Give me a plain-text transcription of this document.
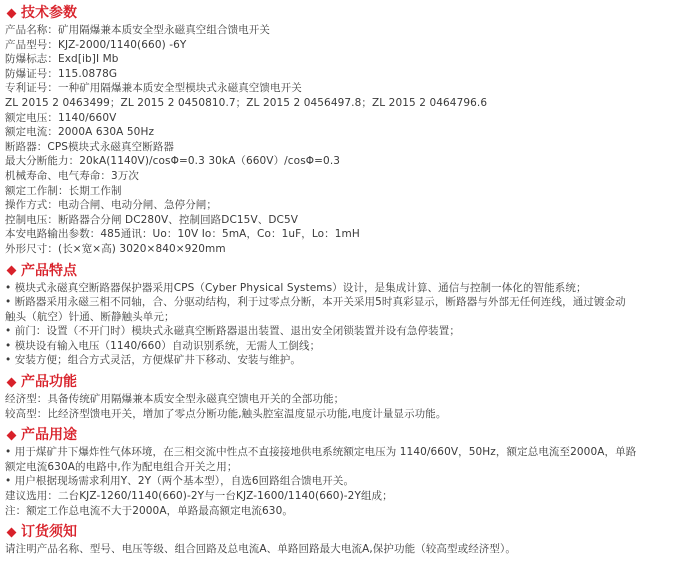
技术参数
产品名称：矿用隔爆兼本质安全型永磁真空组合馈电开关
产品型号：KJZ-2000/1140(660) -6Y
防爆标志：Exd[ib]I Mb
防爆证号：115.0878G
专利证号：一种矿用隔爆兼本质安全型模块式永磁真空馈电开关
ZL 2015 2 0463499；ZL 2015 2 0450810.7；ZL 2015 2 0456497.8；ZL 2015 2 0464796.6
额定电压：1140/660V
额定电流：2000A 630A 50Hz
断路器：CPS模块式永磁真空断路器
最大分断能力：20kA(1140V)/cosΦ=0.3 30kA（660V）/cosΦ=0.3
机械寿命、电气寿命：3万次
额定工作制：长期工作制
操作方式：电动合闸、电动分闸、急停分闸；
控制电压：断路器合分闸 DC280V、控制回路DC15V、DC5V
本安电路输出参数：485通讯：Uo：10V Io：5mA，Co：1uF，Lo：1mH
外形尺寸：(长×宽×高) 3020×840×920mm
产品特点
• 模块式永磁真空断路器保护器采用CPS（Cyber Physical Systems）设计，是集成计算、通信与控制一体化的智能系统；
• 断路器采用永磁三相不同轴，合、分驱动结构，利于过零点分断，本开关采用5时真彩显示，断路器与外部无任何连线，通过镀金动
触头（航空）针通、断静触头单元；
• 前门：设置（不开门时）模块式永磁真空断路器退出装置、退出安全闭锁装置并设有急停装置；
• 模块设有输入电压（1140/660）自动识别系统，无需人工倒线；
• 安装方便；组合方式灵活，方便煤矿井下移动、安装与维护。
产品功能
经济型：具备传统矿用隔爆兼本质安全型永磁真空馈电开关的全部功能；
较高型：比经济型馈电开关，增加了零点分断功能,触头腔室温度显示功能,电度计量显示功能。
产品用途
• 用于煤矿井下爆炸性气体环境，在三相交流中性点不直接接地供电系统额定电压为 1140/660V，50Hz，额定总电流至2000A，单路
额定电流630A的电路中,作为配电组合开关之用；
• 用户根据现场需求利用Y、2Y（两个基本型），自选6回路组合馈电开关。
建议选用：二台KJZ-1260/1140(660)-2Y与一台KJZ-1600/1140(660)-2Y组成；
注：额定工作总电流不大于2000A，单路最高额定电流630。
订货须知
请注明产品名称、型号、电压等级、组合回路及总电流A、单路回路最大电流A,保护功能（较高型或经济型）。
